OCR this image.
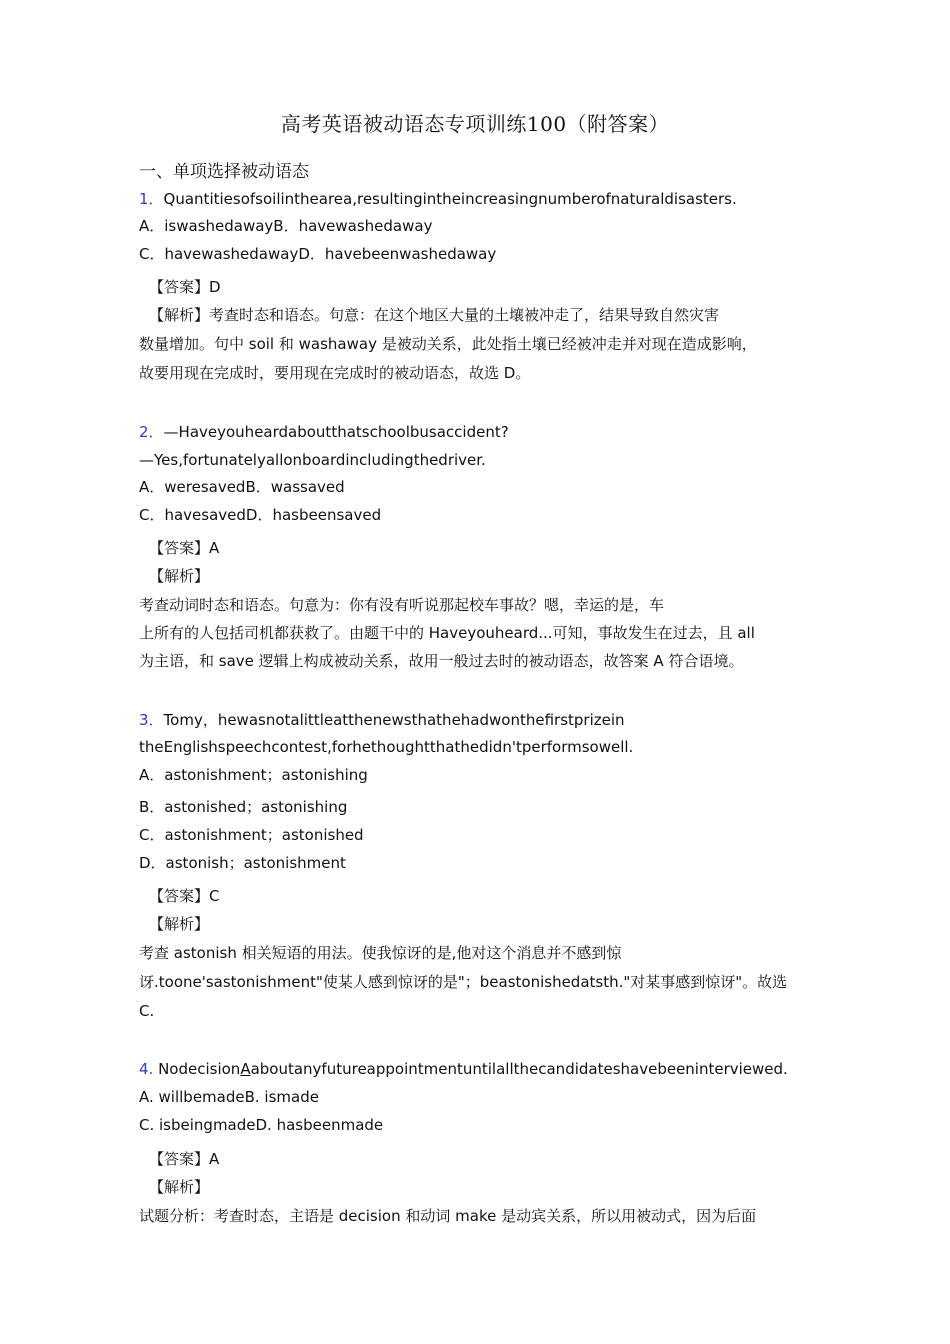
高考英语被动语态专项训练100（附答案）
一、单项选择被动语态
1．Quantitiesofsoilinthearea,resultingintheincreasingnumberofnaturaldisasters.
A．iswashedawayB．havewashedaway
C．havewashedawayD．havebeenwashedaway
【答案】D
【解析】考查时态和语态。句意：在这个地区大量的土壤被冲走了，结果导致自然灾害
数量增加。句中 soil 和 washaway 是被动关系，此处指土壤已经被冲走并对现在造成影响，
故要用现在完成时，要用现在完成时的被动语态，故选 D。
2．—Haveyouheardaboutthatschoolbusaccident?
—Yes,fortunatelyallonboardincludingthedriver.
A．weresavedB．wassaved
C．havesavedD．hasbeensaved
【答案】A
【解析】
考查动词时态和语态。句意为：你有没有听说那起校车事故？嗯，幸运的是，车
上所有的人包括司机都获救了。由题干中的 Haveyouheard...可知，事故发生在过去，且 all
为主语，和 save 逻辑上构成被动关系，故用一般过去时的被动语态，故答案 A 符合语境。
3．Tomy，hewasnotalittleatthenewsthathehadwonthefirstprizein
theEnglishspeechcontest,forhethoughtthathedidn'tperformsowell.
A．astonishment；astonishing
B．astonished；astonishing
C．astonishment；astonished
D．astonish；astonishment
【答案】C
【解析】
考查 astonish 相关短语的用法。使我惊讶的是,他对这个消息并不感到惊
讶.toone'sastonishment"使某人感到惊讶的是"；beastonishedatsth."对某事感到惊讶"。故选
C.
4. NodecisionAaboutanyfutureappointmentuntilallthecandidateshavebeeninterviewed.
A. willbemadeB. ismade
C. isbeingmadeD. hasbeenmade
【答案】A
【解析】
试题分析：考查时态，主语是 decision 和动词 make 是动宾关系，所以用被动式，因为后面
